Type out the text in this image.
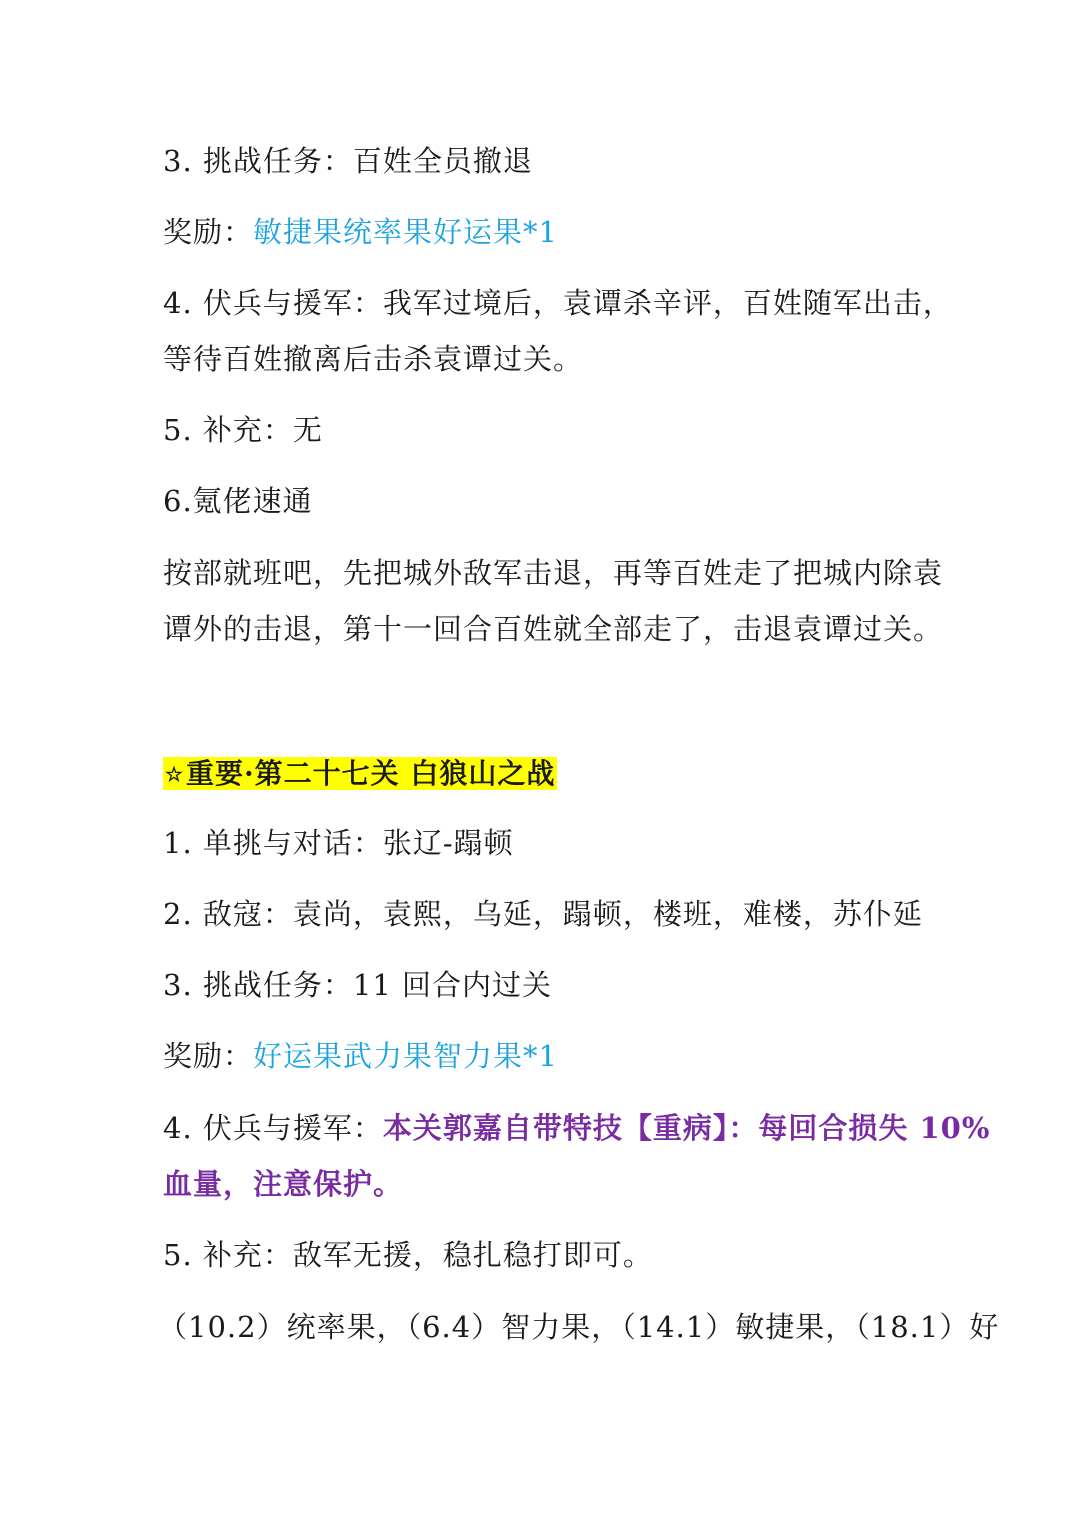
3. 挑战任务：百姓全员撤退
奖励：敏捷果统率果好运果*1
4. 伏兵与援军：我军过境后，袁谭杀辛评，百姓随军出击，
等待百姓撤离后击杀袁谭过关。
5. 补充：无
6.氪佬速通
按部就班吧，先把城外敌军击退，再等百姓走了把城内除袁
谭外的击退，第十一回合百姓就全部走了，击退袁谭过关。
☆重要·第二十七关 白狼山之战
1. 单挑与对话：张辽-蹋顿
2. 敌寇：袁尚，袁熙，乌延，蹋顿，楼班，难楼，苏仆延
3. 挑战任务：11 回合内过关
奖励：好运果武力果智力果*1
4. 伏兵与援军：本关郭嘉自带特技【重病】：每回合损失 10%
血量，注意保护。
5. 补充：敌军无援，稳扎稳打即可。
（10.2）统率果，（6.4）智力果，（14.1）敏捷果，（18.1）好
